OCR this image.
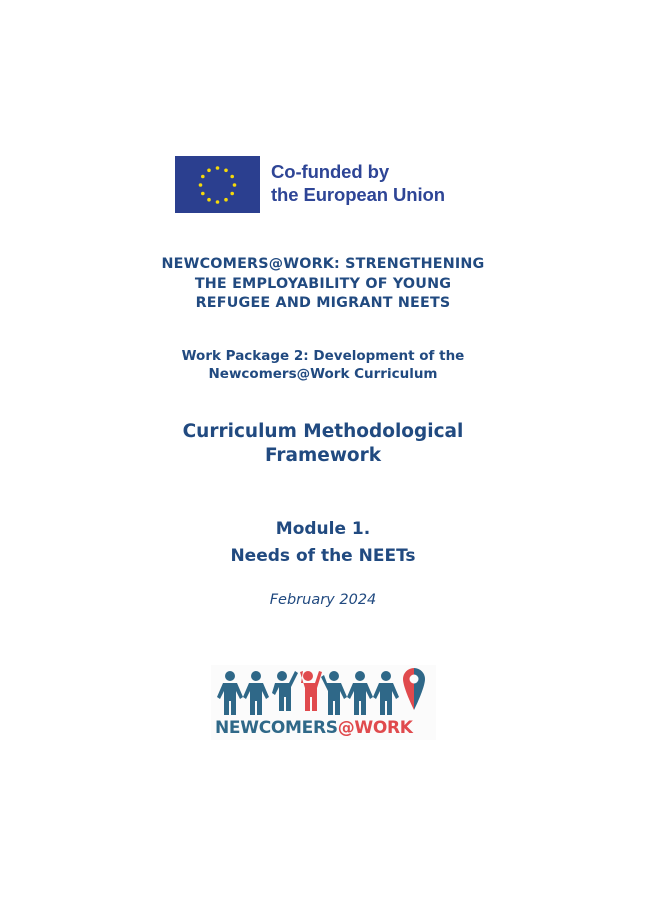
Co-funded by
the European Union
NEWCOMERS@WORK: STRENGTHENING
THE EMPLOYABILITY OF YOUNG
REFUGEE AND MIGRANT NEETS
Work Package 2: Development of the
Newcomers@Work Curriculum
Curriculum Methodological
Framework
Module 1.
Needs of the NEETs
February 2024
NEWCOMERS@WORK
